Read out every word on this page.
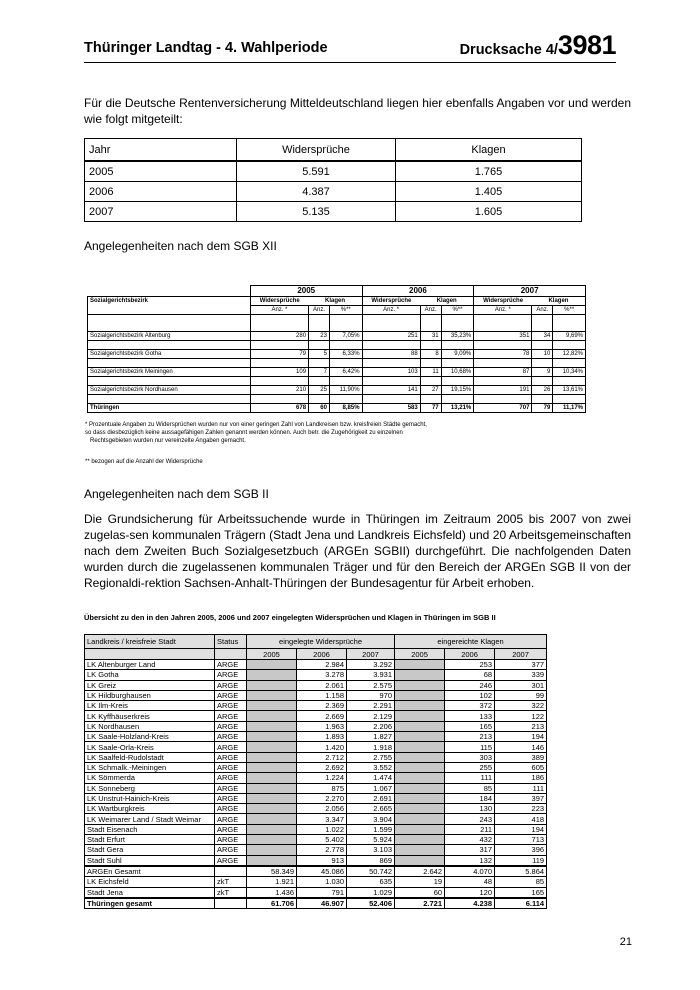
Thüringer Landtag - 4. Wahlperiode	Drucksache 4/3981
Für die Deutsche Rentenversicherung Mitteldeutschland liegen hier ebenfalls Angaben vor und werden wie folgt mitgeteilt:
Jahr	Widersprüche	Klagen
2005	5.591	1.765
2006	4.387	1.405
2007	5.135	1.605
Angelegenheiten nach dem SGB XII
	2005			2006			2007		
Sozialgerichtsbezirk	Widersprüche	Klagen		Widersprüche	Klagen		Widersprüche	Klagen	
	Anz. *	Anz.	%**	Anz. *	Anz.	%**	Anz. *	Anz.	%**

Sozialgerichtsbezirk Altenburg	280	23	7,05%	251	31	35,23%	351	34	9,69%

Sozialgerichtsbezirk Gotha	79	5	6,33%	88	8	9,09%	78	10	12,82%

Sozialgerichtsbezirk Meiningen	109	7	6,42%	103	11	10,68%	87	9	10,34%

Sozialgerichtsbezirk Nordhausen	210	25	11,90%	141	27	19,15%	191	26	13,61%

Thüringen	678	60	8,85%	583	77	13,21%	707	79	11,17%
* Prozentuale Angaben zu Widersprüchen wurden nur von einer geringen Zahl von Landkreisen bzw. kreisfreien Städte gemacht,
so dass diesbezüglich keine aussagefähigen Zahlen genannt werden können. Auch betr. die Zugehörigkeit zu einzelnen
Rechtsgebieten wurden nur vereinzelte Angaben gemacht.
** bezogen auf die Anzahl der Widersprüche
Angelegenheiten nach dem SGB II
Die Grundsicherung für Arbeitssuchende wurde in Thüringen im Zeitraum 2005 bis 2007 von zwei zugelas-sen kommunalen Trägern (Stadt Jena und Landkreis Eichsfeld) und 20 Arbeitsgemeinschaften nach dem Zweiten Buch Sozialgesetzbuch (ARGEn SGBII) durchgeführt. Die nachfolgenden Daten wurden durch die zugelassenen kommunalen Träger und für den Bereich der ARGEn SGB II von der Regionaldi-rektion Sachsen-Anhalt-Thüringen der Bundesagentur für Arbeit erhoben.
Übersicht zu den in den Jahren 2005, 2006 und 2007 eingelegten Widersprüchen und Klagen in Thüringen im SGB II
Landkreis / kreisfreie Stadt	Status	eingelegte Widersprüche			eingereichte Klagen		
		2005	2006	2007	2005	2006	2007
LK Altenburger Land	ARGE		2.984	3.292		253	377
LK Gotha	ARGE		3.278	3.931		68	339
LK Greiz	ARGE		2.061	2.575		246	301
LK Hildburghausen	ARGE		1.158	970		102	99
LK Ilm-Kreis	ARGE		2.369	2.291		372	322
LK Kyffhäuserkreis	ARGE		2.669	2.129		133	122
LK Nordhausen	ARGE		1.963	2.206		165	213
LK Saale-Holzland-Kreis	ARGE		1.893	1.827		213	194
LK Saale-Orla-Kreis	ARGE		1.420	1.918		115	146
LK Saalfeld-Rudolstadt	ARGE		2.712	2.755		303	389
LK Schmalk.-Meiningen	ARGE		2.692	3.552		255	605
LK Sömmerda	ARGE		1.224	1.474		111	186
LK Sonneberg	ARGE		875	1.067		85	111
LK Unstrut-Hainich-Kreis	ARGE		2.270	2.691		184	397
LK Wartburgkreis	ARGE		2.056	2.665		130	223
LK Weimarer Land / Stadt Weimar	ARGE		3.347	3.904		243	418
Stadt Eisenach	ARGE		1.022	1.599		211	194
Stadt Erfurt	ARGE		5.402	5.924		432	713
Stadt Gera	ARGE		2.778	3.103		317	396
Stadt Suhl	ARGE		913	869		132	119
ARGEn Gesamt		58.349	45.086	50.742	2.642	4.070	5.864
LK Eichsfeld	zkT	1.921	1.030	635	19	48	85
Stadt Jena	zkT	1.436	791	1.029	60	120	165
Thüringen gesamt		61.706	46.907	52.406	2.721	4.238	6.114
21
